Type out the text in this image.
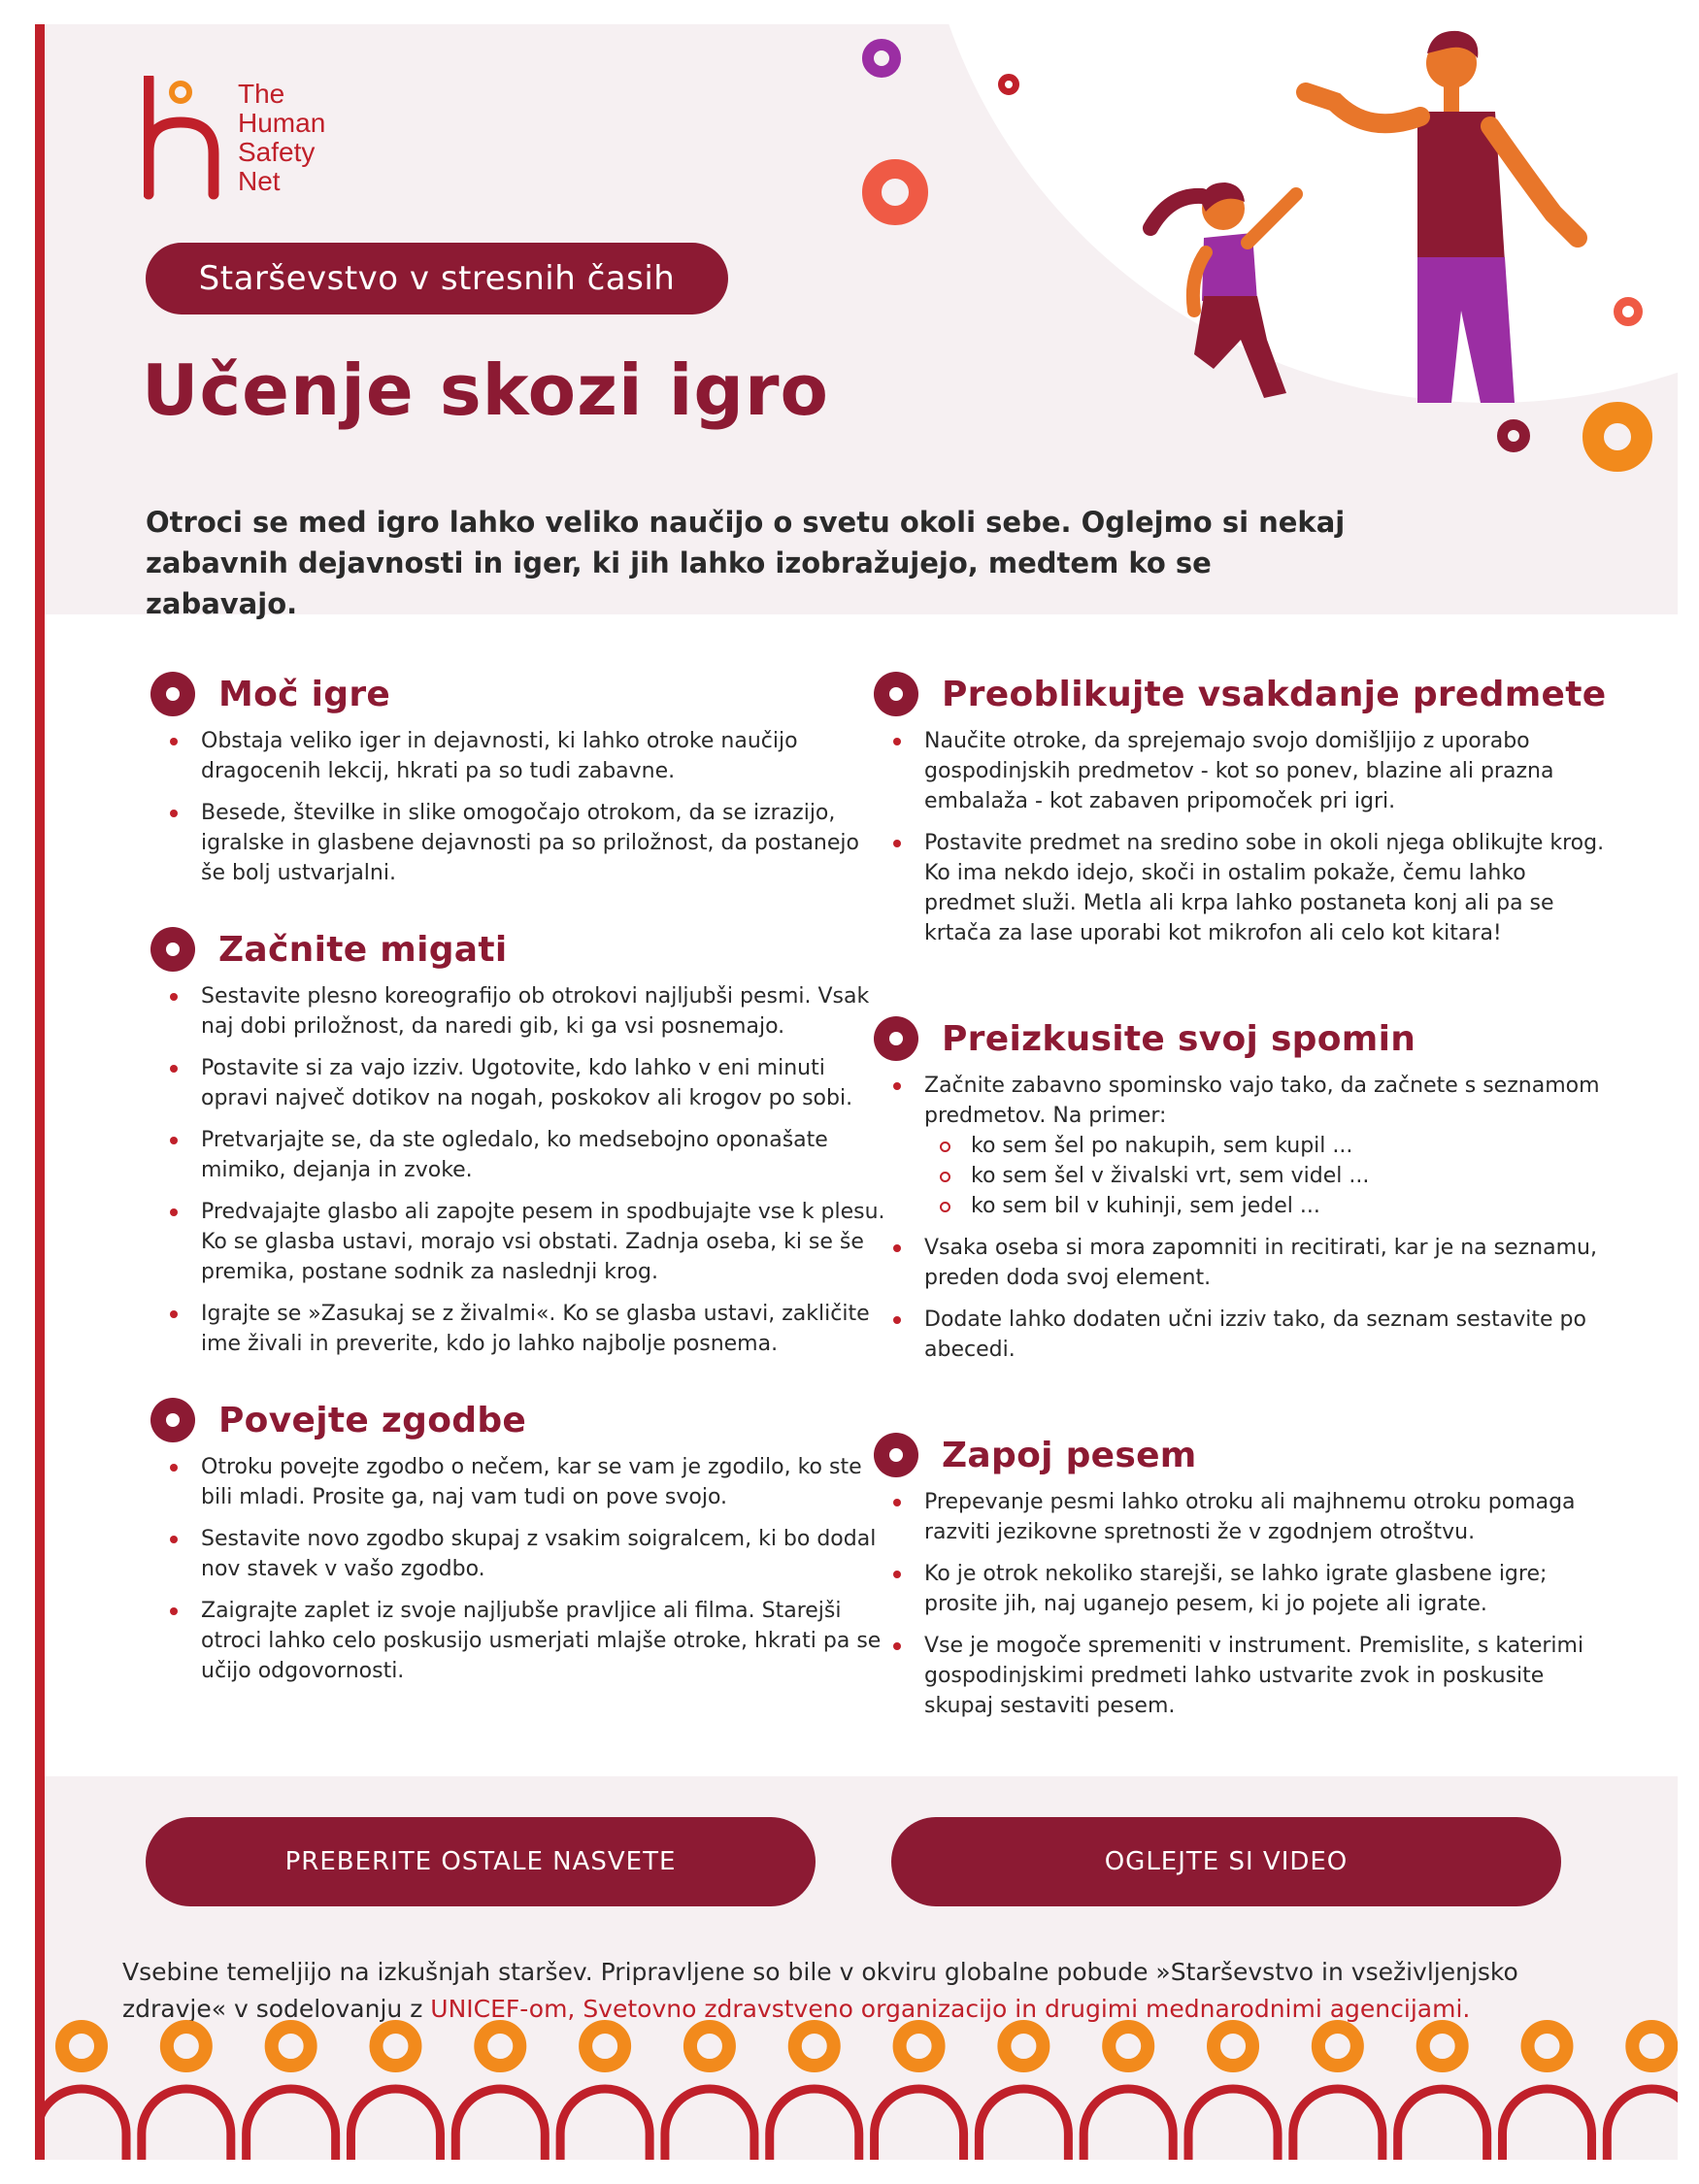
The
Human
Safety
Net
Starševstvo v stresnih časih
Učenje skozi igro

Otroci se med igro lahko veliko naučijo o svetu okoli sebe. Oglejmo si nekaj zabavnih dejavnosti in iger, ki jih lahko izobražujejo, medtem ko se zabavajo.

Moč igre
Obstaja veliko iger in dejavnosti, ki lahko otroke naučijo dragocenih lekcij, hkrati pa so tudi zabavne.
Besede, številke in slike omogočajo otrokom, da se izrazijo, igralske in glasbene dejavnosti pa so priložnost, da postanejo še bolj ustvarjalni.
Začnite migati
Sestavite plesno koreografijo ob otrokovi najljubši pesmi. Vsak naj dobi priložnost, da naredi gib, ki ga vsi posnemajo.
Postavite si za vajo izziv. Ugotovite, kdo lahko v eni minuti opravi največ dotikov na nogah, poskokov ali krogov po sobi.
Pretvarjajte se, da ste ogledalo, ko medsebojno oponašate mimiko, dejanja in zvoke.
Predvajajte glasbo ali zapojte pesem in spodbujajte vse k plesu. Ko se glasba ustavi, morajo vsi obstati. Zadnja oseba, ki se še premika, postane sodnik za naslednji krog.
Igrajte se »Zasukaj se z živalmi«. Ko se glasba ustavi, zakličite ime živali in preverite, kdo jo lahko najbolje posnema.
Povejte zgodbe
Otroku povejte zgodbo o nečem, kar se vam je zgodilo, ko ste bili mladi. Prosite ga, naj vam tudi on pove svojo.
Sestavite novo zgodbo skupaj z vsakim soigralcem, ki bo dodal nov stavek v vašo zgodbo.
Zaigrajte zaplet iz svoje najljubše pravljice ali filma. Starejši otroci lahko celo poskusijo usmerjati mlajše otroke, hkrati pa se učijo odgovornosti.
Preoblikujte vsakdanje predmete
Naučite otroke, da sprejemajo svojo domišljijo z uporabo gospodinjskih predmetov - kot so ponev, blazine ali prazna embalaža - kot zabaven pripomoček pri igri.
Postavite predmet na sredino sobe in okoli njega oblikujte krog. Ko ima nekdo idejo, skoči in ostalim pokaže, čemu lahko predmet služi. Metla ali krpa lahko postaneta konj ali pa se krtača za lase uporabi kot mikrofon ali celo kot kitara!
Preizkusite svoj spomin
Začnite zabavno spominsko vajo tako, da začnete s seznamom predmetov. Na primer:
ko sem šel po nakupih, sem kupil ...
ko sem šel v živalski vrt, sem videl ...
ko sem bil v kuhinji, sem jedel ...
Vsaka oseba si mora zapomniti in recitirati, kar je na seznamu, preden doda svoj element.
Dodate lahko dodaten učni izziv tako, da seznam sestavite po abecedi.
Zapoj pesem
Prepevanje pesmi lahko otroku ali majhnemu otroku pomaga razviti jezikovne spretnosti že v zgodnjem otroštvu.
Ko je otrok nekoliko starejši, se lahko igrate glasbene igre; prosite jih, naj uganejo pesem, ki jo pojete ali igrate.
Vse je mogoče spremeniti v instrument. Premislite, s katerimi gospodinjskimi predmeti lahko ustvarite zvok in poskusite skupaj sestaviti pesem.
PREBERITE OSTALE NASVETE	OGLEJTE SI VIDEO

Vsebine temeljijo na izkušnjah staršev. Pripravljene so bile v okviru globalne pobude »Starševstvo in vseživljenjsko zdravje« v sodelovanju z UNICEF-om, Svetovno zdravstveno organizacijo in drugimi mednarodnimi agencijami.
